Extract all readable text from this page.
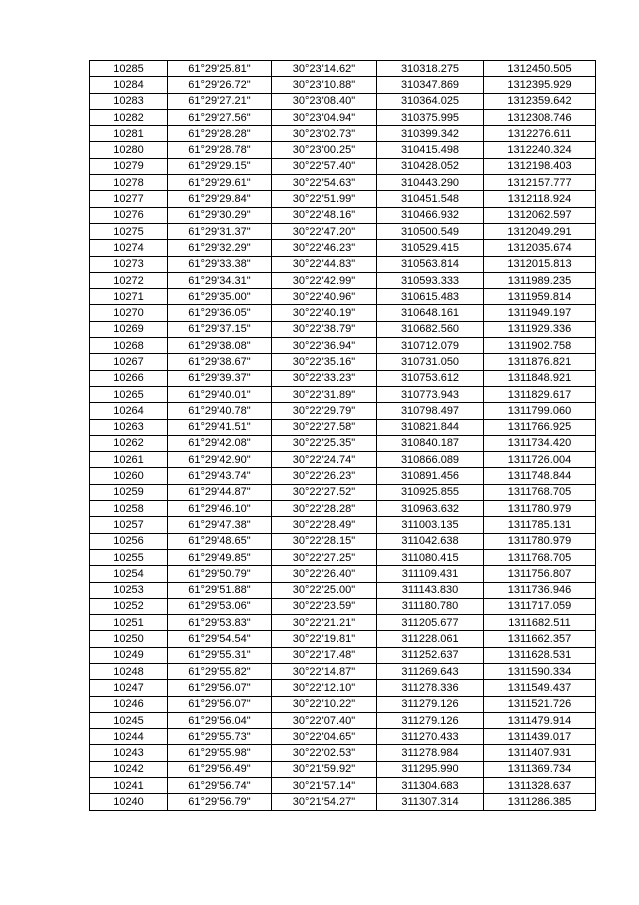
10285	61°29'25.81"	30°23'14.62"	310318.275	1312450.505
10284	61°29'26.72"	30°23'10.88"	310347.869	1312395.929
10283	61°29'27.21"	30°23'08.40"	310364.025	1312359.642
10282	61°29'27.56"	30°23'04.94"	310375.995	1312308.746
10281	61°29'28.28"	30°23'02.73"	310399.342	1312276.611
10280	61°29'28.78"	30°23'00.25"	310415.498	1312240.324
10279	61°29'29.15"	30°22'57.40"	310428.052	1312198.403
10278	61°29'29.61"	30°22'54.63"	310443.290	1312157.777
10277	61°29'29.84"	30°22'51.99"	310451.548	1312118.924
10276	61°29'30.29"	30°22'48.16"	310466.932	1312062.597
10275	61°29'31.37"	30°22'47.20"	310500.549	1312049.291
10274	61°29'32.29"	30°22'46.23"	310529.415	1312035.674
10273	61°29'33.38"	30°22'44.83"	310563.814	1312015.813
10272	61°29'34.31"	30°22'42.99"	310593.333	1311989.235
10271	61°29'35.00"	30°22'40.96"	310615.483	1311959.814
10270	61°29'36.05"	30°22'40.19"	310648.161	1311949.197
10269	61°29'37.15"	30°22'38.79"	310682.560	1311929.336
10268	61°29'38.08"	30°22'36.94"	310712.079	1311902.758
10267	61°29'38.67"	30°22'35.16"	310731.050	1311876.821
10266	61°29'39.37"	30°22'33.23"	310753.612	1311848.921
10265	61°29'40.01"	30°22'31.89"	310773.943	1311829.617
10264	61°29'40.78"	30°22'29.79"	310798.497	1311799.060
10263	61°29'41.51"	30°22'27.58"	310821.844	1311766.925
10262	61°29'42.08"	30°22'25.35"	310840.187	1311734.420
10261	61°29'42.90"	30°22'24.74"	310866.089	1311726.004
10260	61°29'43.74"	30°22'26.23"	310891.456	1311748.844
10259	61°29'44.87"	30°22'27.52"	310925.855	1311768.705
10258	61°29'46.10"	30°22'28.28"	310963.632	1311780.979
10257	61°29'47.38"	30°22'28.49"	311003.135	1311785.131
10256	61°29'48.65"	30°22'28.15"	311042.638	1311780.979
10255	61°29'49.85"	30°22'27.25"	311080.415	1311768.705
10254	61°29'50.79"	30°22'26.40"	311109.431	1311756.807
10253	61°29'51.88"	30°22'25.00"	311143.830	1311736.946
10252	61°29'53.06"	30°22'23.59"	311180.780	1311717.059
10251	61°29'53.83"	30°22'21.21"	311205.677	1311682.511
10250	61°29'54.54"	30°22'19.81"	311228.061	1311662.357
10249	61°29'55.31"	30°22'17.48"	311252.637	1311628.531
10248	61°29'55.82"	30°22'14.87"	311269.643	1311590.334
10247	61°29'56.07"	30°22'12.10"	311278.336	1311549.437
10246	61°29'56.07"	30°22'10.22"	311279.126	1311521.726
10245	61°29'56.04"	30°22'07.40"	311279.126	1311479.914
10244	61°29'55.73"	30°22'04.65"	311270.433	1311439.017
10243	61°29'55.98"	30°22'02.53"	311278.984	1311407.931
10242	61°29'56.49"	30°21'59.92"	311295.990	1311369.734
10241	61°29'56.74"	30°21'57.14"	311304.683	1311328.637
10240	61°29'56.79"	30°21'54.27"	311307.314	1311286.385
